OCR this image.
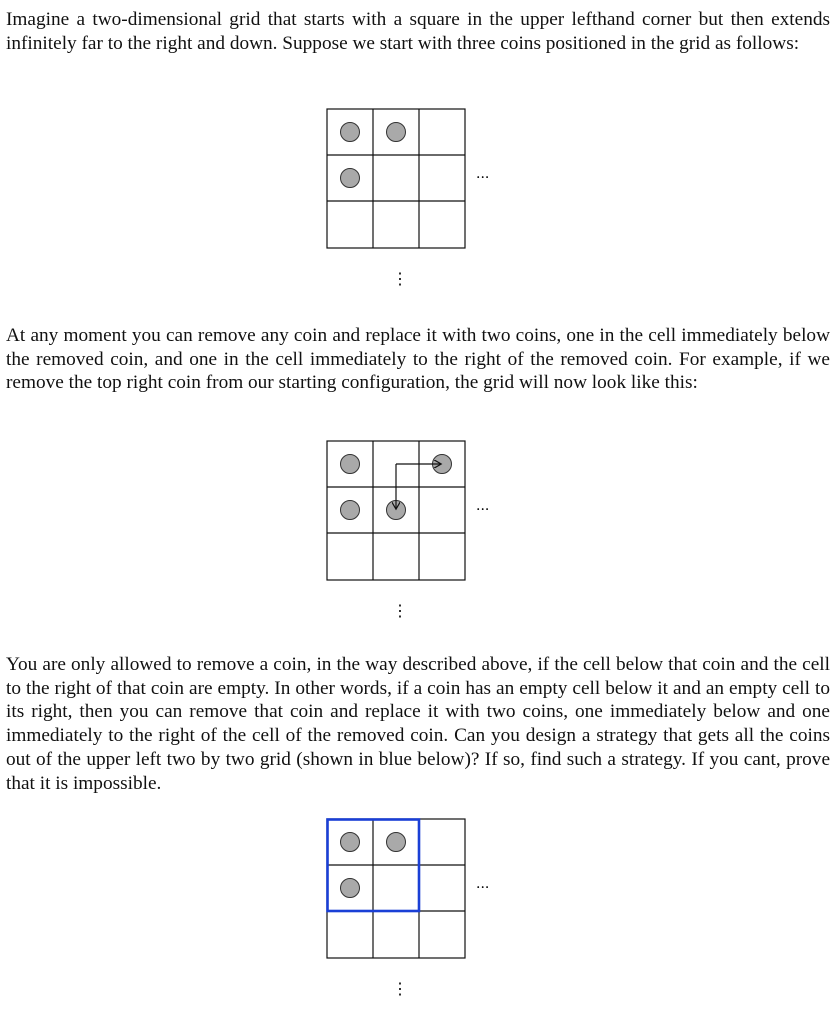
Imagine a two-dimensional grid that starts with a square in the upper lefthand corner but then extends infinitely far to the right and down. Suppose we start with three coins positioned in the grid as follows:

···
⋮

At any moment you can remove any coin and replace it with two coins, one in the cell immediately below the removed coin, and one in the cell immediately to the right of the removed coin. For example, if we remove the top right coin from our starting configuration, the grid will now look like this:

···
⋮

You are only allowed to remove a coin, in the way described above, if the cell below that coin and the cell to the right of that coin are empty. In other words, if a coin has an empty cell below it and an empty cell to its right, then you can remove that coin and replace it with two coins, one immediately below and one immediately to the right of the cell of the removed coin. Can you design a strategy that gets all the coins out of the upper left two by two grid (shown in blue below)? If so, find such a strategy. If you cant, prove that it is impossible.

···
⋮
